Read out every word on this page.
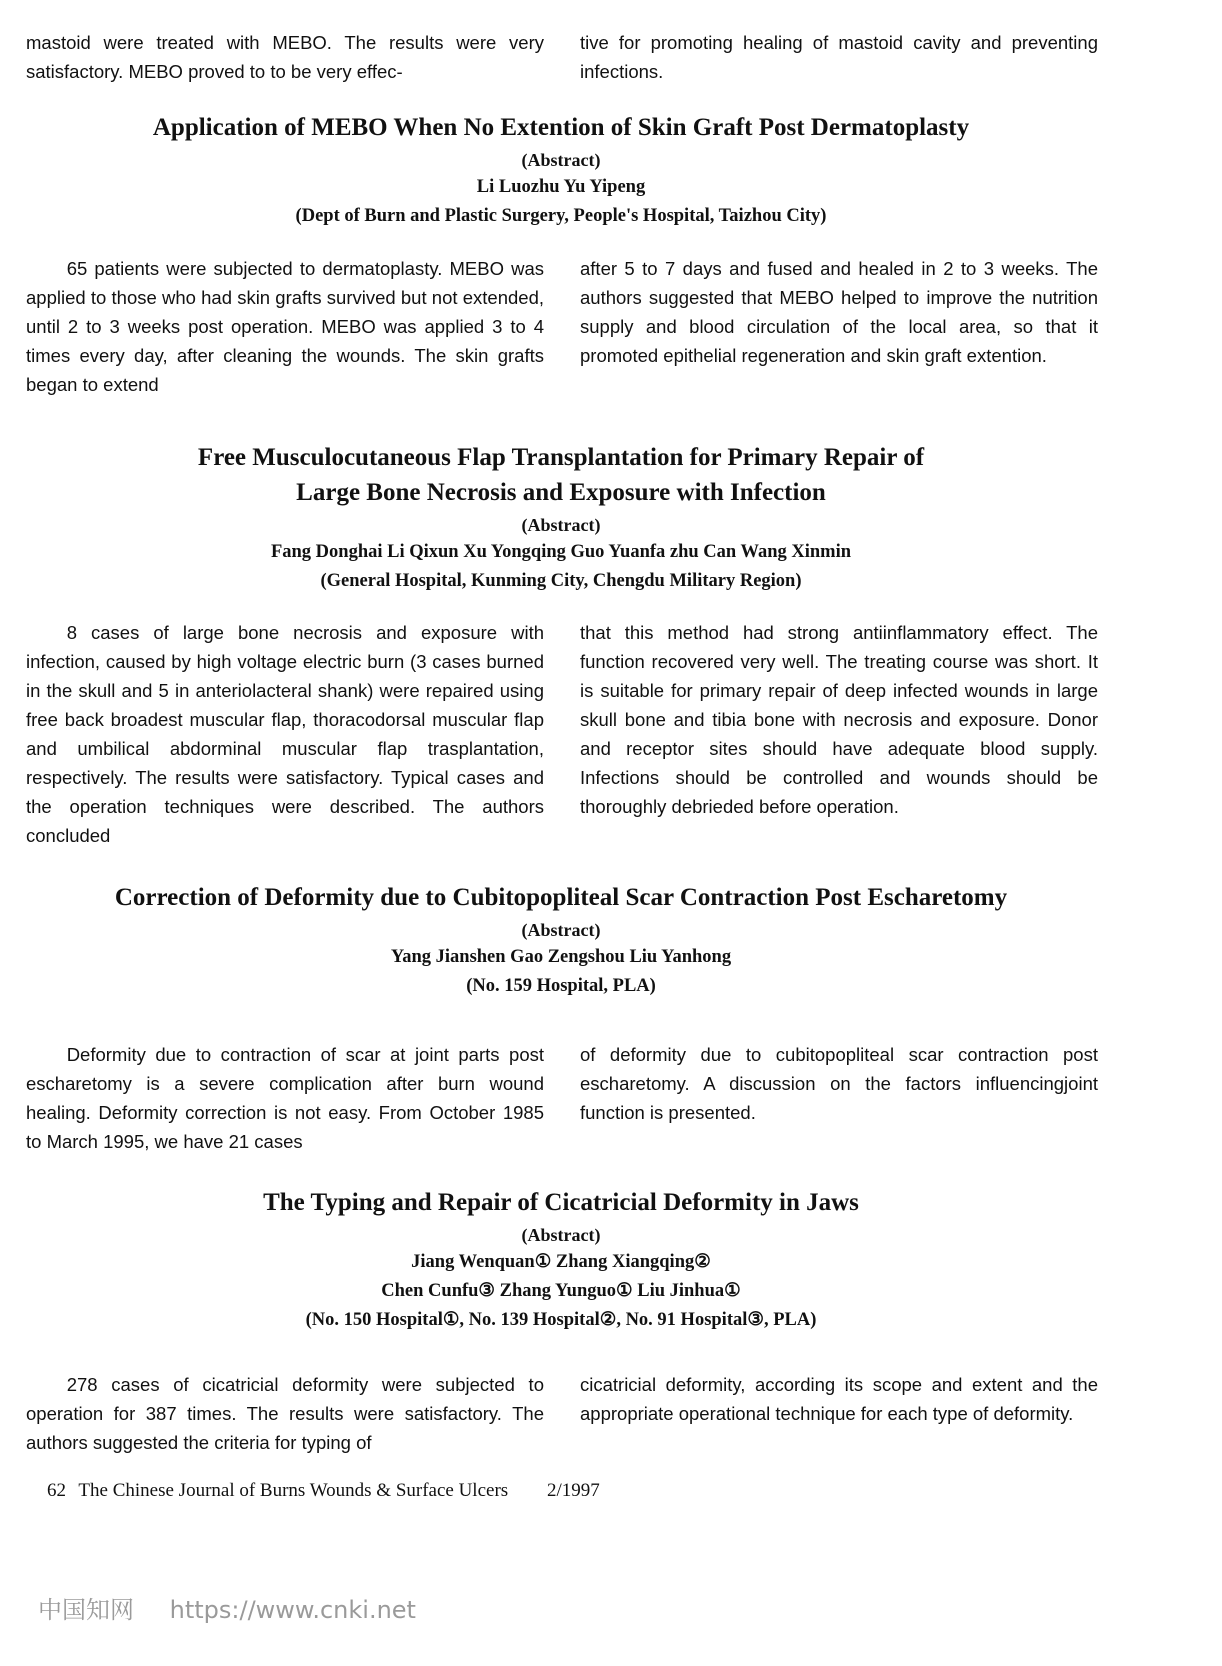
mastoid were treated with MEBO. The results were very satisfactory. MEBO proved to to be very effec-

tive for promoting healing of mastoid cavity and preventing infections.

Application of MEBO When No Extention of Skin Graft Post Dermatoplasty

(Abstract)

Li Luozhu Yu Yipeng

(Dept of Burn and Plastic Surgery, People's Hospital, Taizhou City)

65 patients were subjected to dermatoplasty. MEBO was applied to those who had skin grafts survived but not extended, until 2 to 3 weeks post operation. MEBO was applied 3 to 4 times every day, after cleaning the wounds. The skin grafts began to extend

after 5 to 7 days and fused and healed in 2 to 3 weeks. The authors suggested that MEBO helped to improve the nutrition supply and blood circulation of the local area, so that it promoted epithelial regeneration and skin graft extention.

Free Musculocutaneous Flap Transplantation for Primary Repair of

Large Bone Necrosis and Exposure with Infection

(Abstract)

Fang Donghai Li Qixun Xu Yongqing Guo Yuanfa zhu Can Wang Xinmin

(General Hospital, Kunming City, Chengdu Military Region)

8 cases of large bone necrosis and exposure with infection, caused by high voltage electric burn (3 cases burned in the skull and 5 in anteriolacteral shank) were repaired using free back broadest muscular flap, thoracodorsal muscular flap and umbilical abdorminal muscular flap trasplantation, respectively. The results were satisfactory. Typical cases and the operation techniques were described. The authors concluded

that this method had strong antiinflammatory effect. The function recovered very well. The treating course was short. It is suitable for primary repair of deep infected wounds in large skull bone and tibia bone with necrosis and exposure. Donor and receptor sites should have adequate blood supply. Infections should be controlled and wounds should be thoroughly debrieded before operation.

Correction of Deformity due to Cubitopopliteal Scar Contraction Post Escharetomy

(Abstract)

Yang Jianshen Gao Zengshou Liu Yanhong

(No. 159 Hospital, PLA)

Deformity due to contraction of scar at joint parts post escharetomy is a severe complication after burn wound healing. Deformity correction is not easy. From October 1985 to March 1995, we have 21 cases

of deformity due to cubitopopliteal scar contraction post escharetomy. A discussion on the factors influencingjoint function is presented.

The Typing and Repair of Cicatricial Deformity in Jaws

(Abstract)

Jiang Wenquan① Zhang Xiangqing②

Chen Cunfu③ Zhang Yunguo① Liu Jinhua①

(No. 150 Hospital①, No. 139 Hospital②, No. 91 Hospital③, PLA)

278 cases of cicatricial deformity were subjected to operation for 387 times. The results were satisfactory. The authors suggested the criteria for typing of

cicatricial deformity, according its scope and extent and the appropriate operational technique for each type of deformity.

62 The Chinese Journal of Burns Wounds & Surface Ulcers 2/1997
中国知网 https://www.cnki.net
